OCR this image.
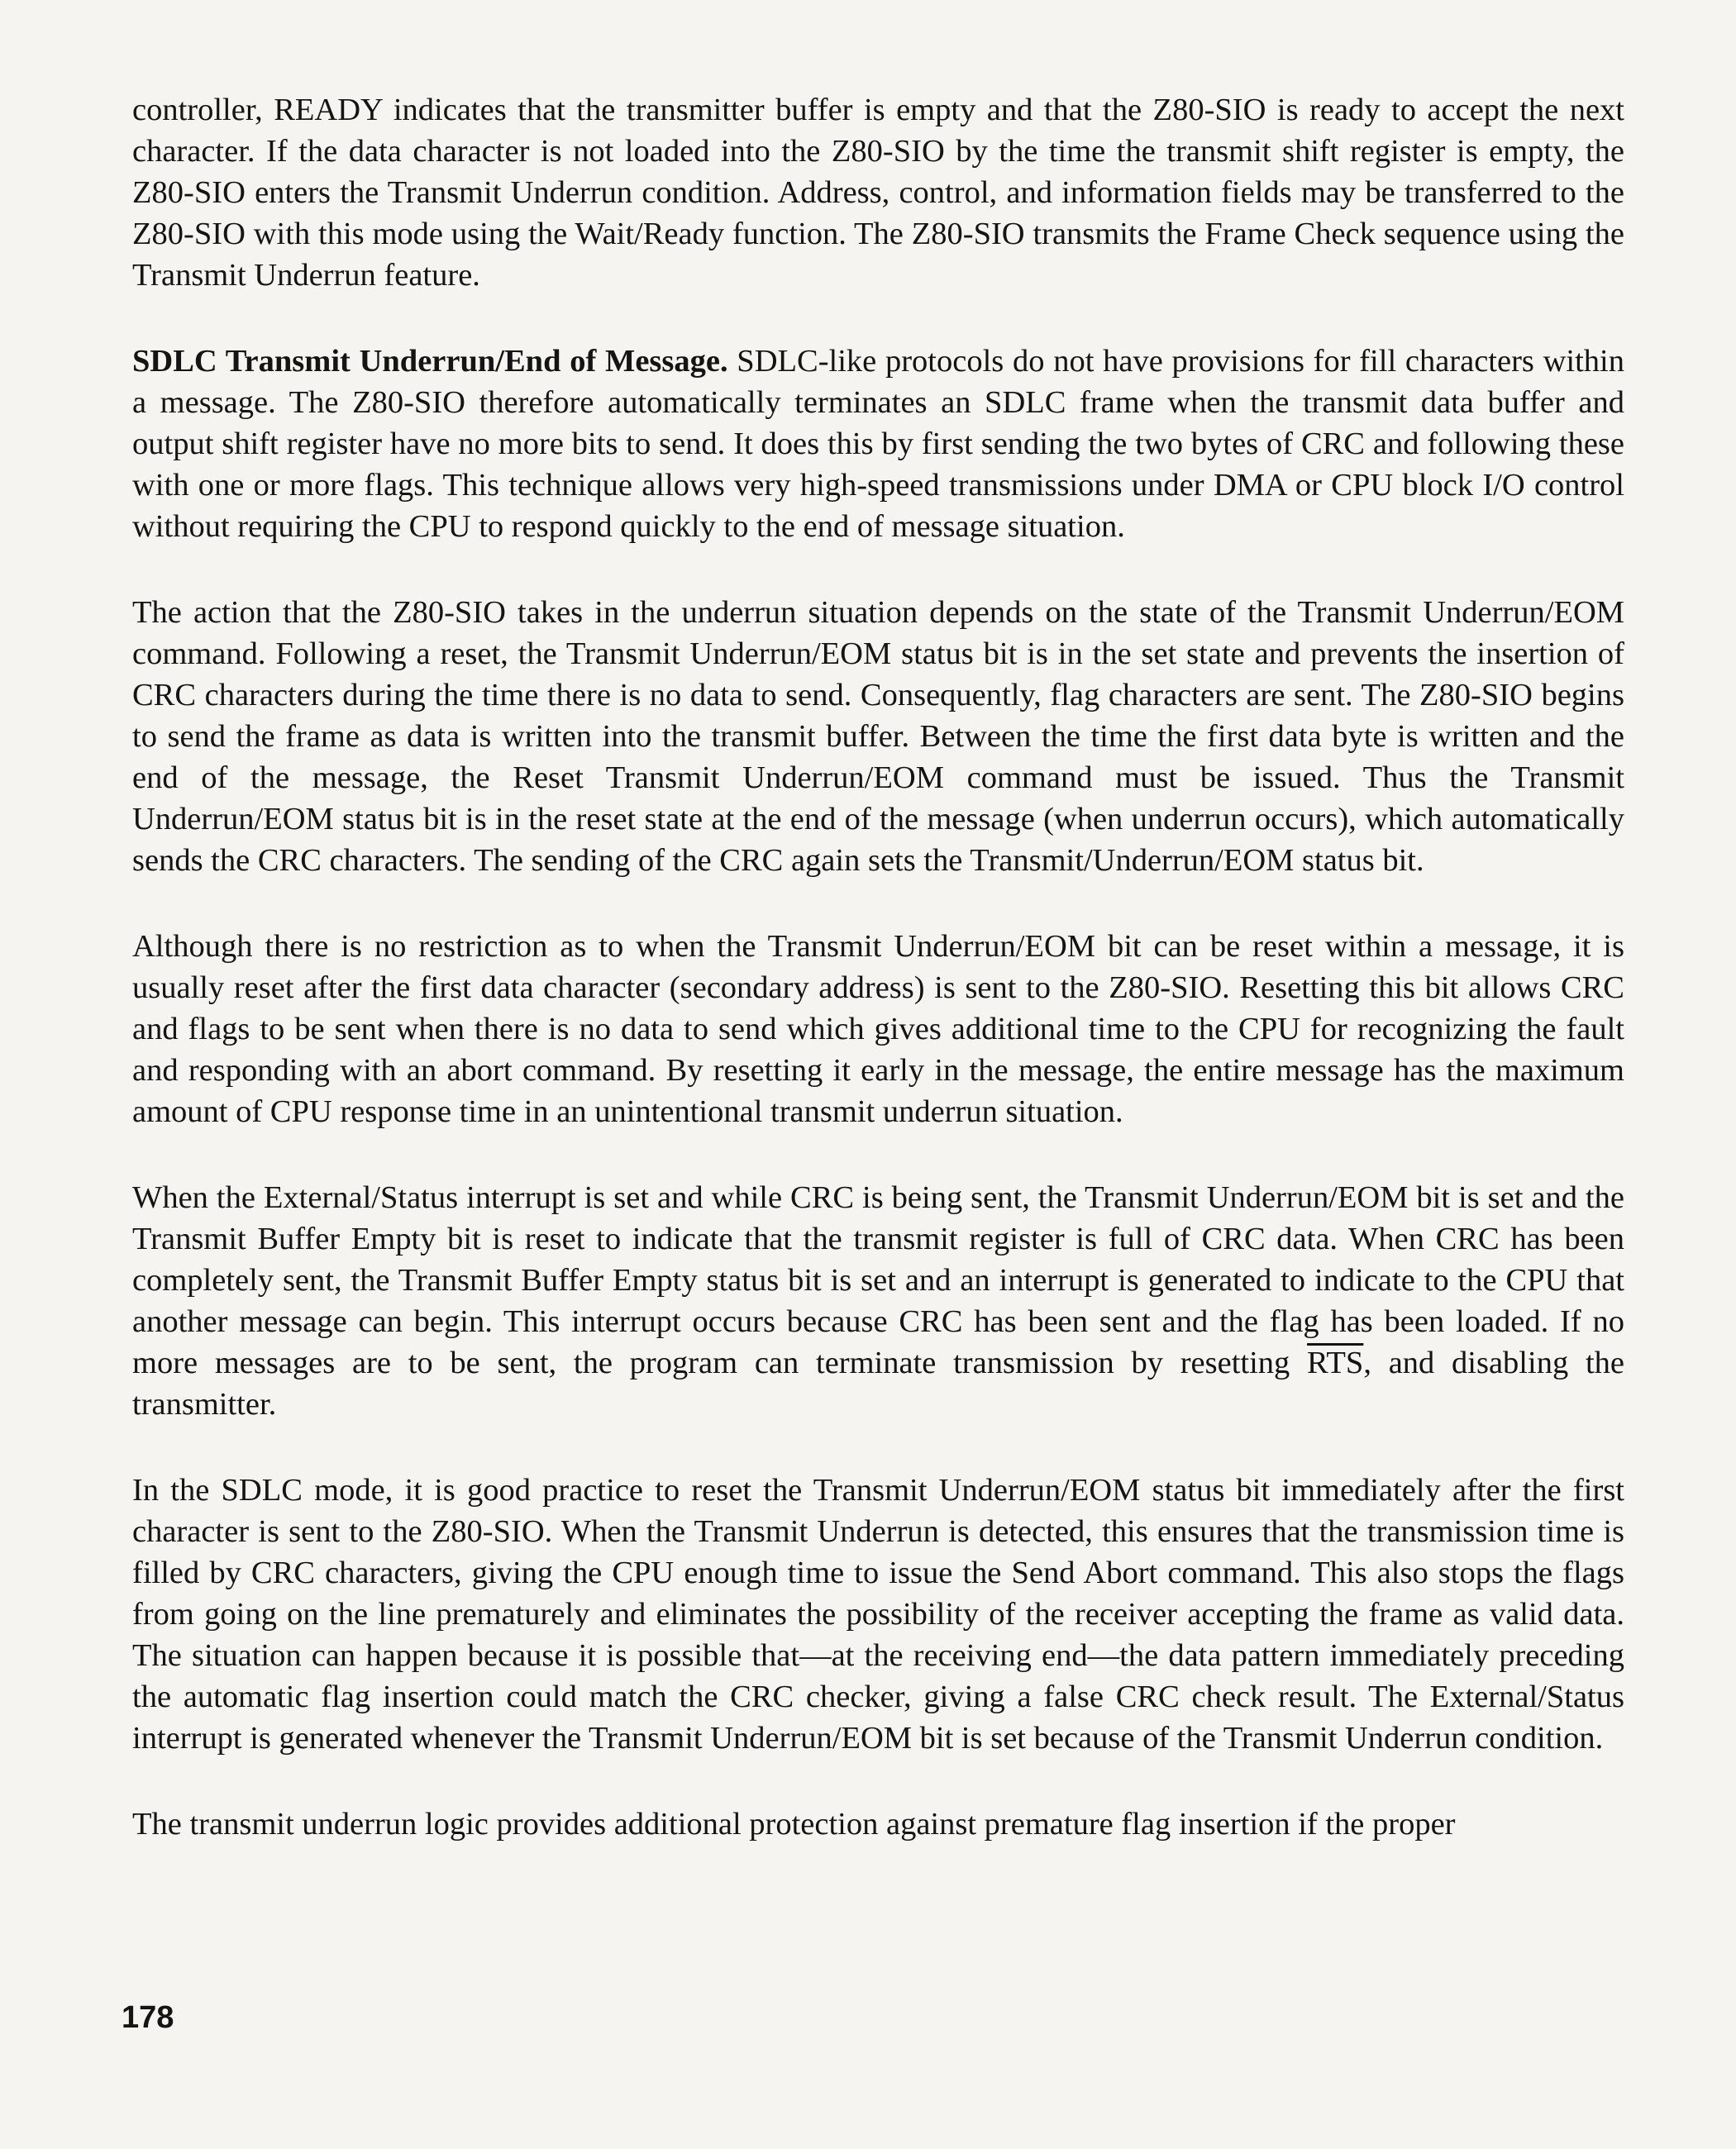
controller, READY indicates that the transmitter buffer is empty and that the Z80-SIO is ready to accept the next character. If the data character is not loaded into the Z80-SIO by the time the transmit shift register is empty, the Z80-SIO enters the Transmit Underrun condition. Address, control, and information fields may be transferred to the Z80-SIO with this mode using the Wait/Ready function. The Z80-SIO transmits the Frame Check sequence using the Transmit Underrun feature.

SDLC Transmit Underrun/End of Message. SDLC-like protocols do not have provisions for fill characters within a message. The Z80-SIO therefore automatically terminates an SDLC frame when the transmit data buffer and output shift register have no more bits to send. It does this by first sending the two bytes of CRC and following these with one or more flags. This technique allows very high-speed transmissions under DMA or CPU block I/O control without requiring the CPU to respond quickly to the end of message situation.

The action that the Z80-SIO takes in the underrun situation depends on the state of the Transmit Underrun/EOM command. Following a reset, the Transmit Underrun/EOM status bit is in the set state and prevents the insertion of CRC characters during the time there is no data to send. Consequently, flag characters are sent. The Z80-SIO begins to send the frame as data is written into the transmit buffer. Between the time the first data byte is written and the end of the message, the Reset Transmit Underrun/EOM command must be issued. Thus the Transmit Underrun/EOM status bit is in the reset state at the end of the message (when underrun occurs), which automatically sends the CRC characters. The sending of the CRC again sets the Transmit/Underrun/EOM status bit.

Although there is no restriction as to when the Transmit Underrun/EOM bit can be reset within a message, it is usually reset after the first data character (secondary address) is sent to the Z80-SIO. Resetting this bit allows CRC and flags to be sent when there is no data to send which gives additional time to the CPU for recognizing the fault and responding with an abort command. By resetting it early in the message, the entire message has the maximum amount of CPU response time in an unintentional transmit underrun situation.

When the External/Status interrupt is set and while CRC is being sent, the Transmit Underrun/EOM bit is set and the Transmit Buffer Empty bit is reset to indicate that the transmit register is full of CRC data. When CRC has been completely sent, the Transmit Buffer Empty status bit is set and an interrupt is generated to indicate to the CPU that another message can begin. This interrupt occurs because CRC has been sent and the flag has been loaded. If no more messages are to be sent, the program can terminate transmission by resetting $\overline{RTS}$, and disabling the transmitter.

In the SDLC mode, it is good practice to reset the Transmit Underrun/EOM status bit immediately after the first character is sent to the Z80-SIO. When the Transmit Underrun is detected, this ensures that the transmission time is filled by CRC characters, giving the CPU enough time to issue the Send Abort command. This also stops the flags from going on the line prematurely and eliminates the possibility of the receiver accepting the frame as valid data. The situation can happen because it is possible that—at the receiving end—the data pattern immediately preceding the automatic flag insertion could match the CRC checker, giving a false CRC check result. The External/Status interrupt is generated whenever the Transmit Underrun/EOM bit is set because of the Transmit Underrun condition.

The transmit underrun logic provides additional protection against premature flag insertion if the proper

178
